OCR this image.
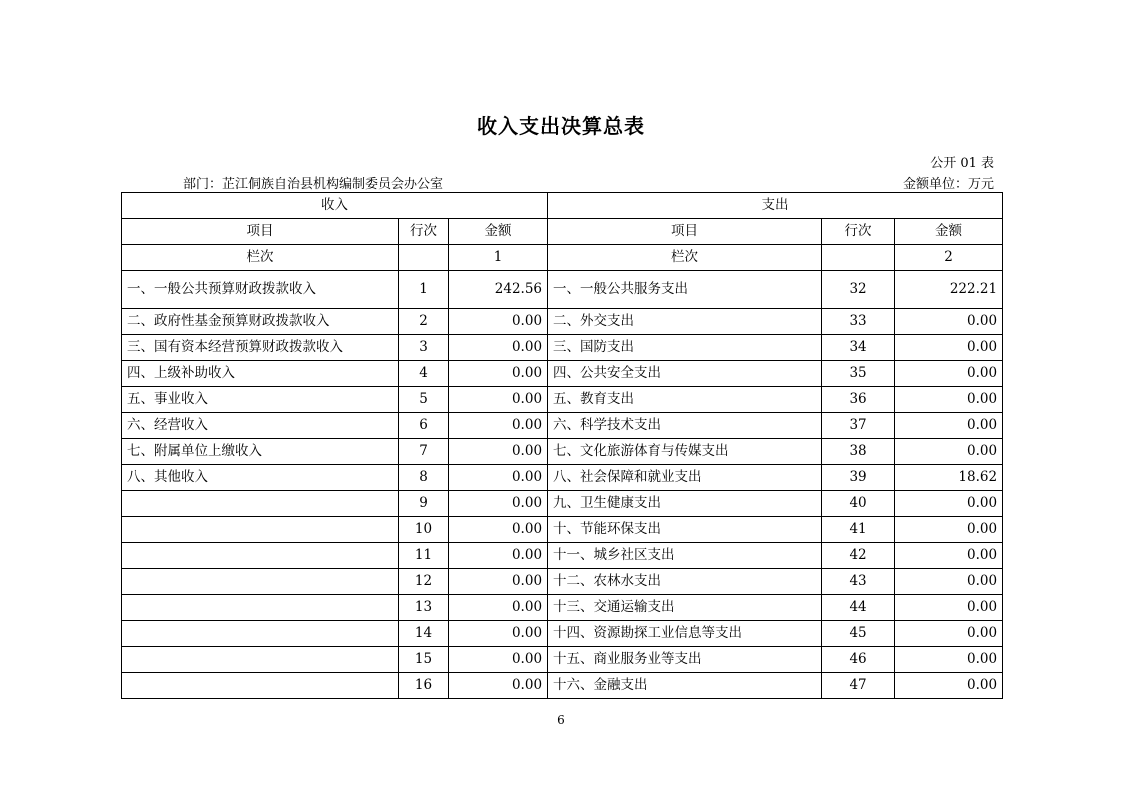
收入支出决算总表
公开 01 表
部门：芷江侗族自治县机构编制委员会办公室	金额单位：万元
收入			支出		
项目	行次	金额	项目	行次	金额
栏次		1	栏次		2
一、一般公共预算财政拨款收入	1	242.56	一、一般公共服务支出	32	222.21
二、政府性基金预算财政拨款收入	2	0.00	二、外交支出	33	0.00
三、国有资本经营预算财政拨款收入	3	0.00	三、国防支出	34	0.00
四、上级补助收入	4	0.00	四、公共安全支出	35	0.00
五、事业收入	5	0.00	五、教育支出	36	0.00
六、经营收入	6	0.00	六、科学技术支出	37	0.00
七、附属单位上缴收入	7	0.00	七、文化旅游体育与传媒支出	38	0.00
八、其他收入	8	0.00	八、社会保障和就业支出	39	18.62
	9	0.00	九、卫生健康支出	40	0.00
	10	0.00	十、节能环保支出	41	0.00
	11	0.00	十一、城乡社区支出	42	0.00
	12	0.00	十二、农林水支出	43	0.00
	13	0.00	十三、交通运输支出	44	0.00
	14	0.00	十四、资源勘探工业信息等支出	45	0.00
	15	0.00	十五、商业服务业等支出	46	0.00
	16	0.00	十六、金融支出	47	0.00
6
